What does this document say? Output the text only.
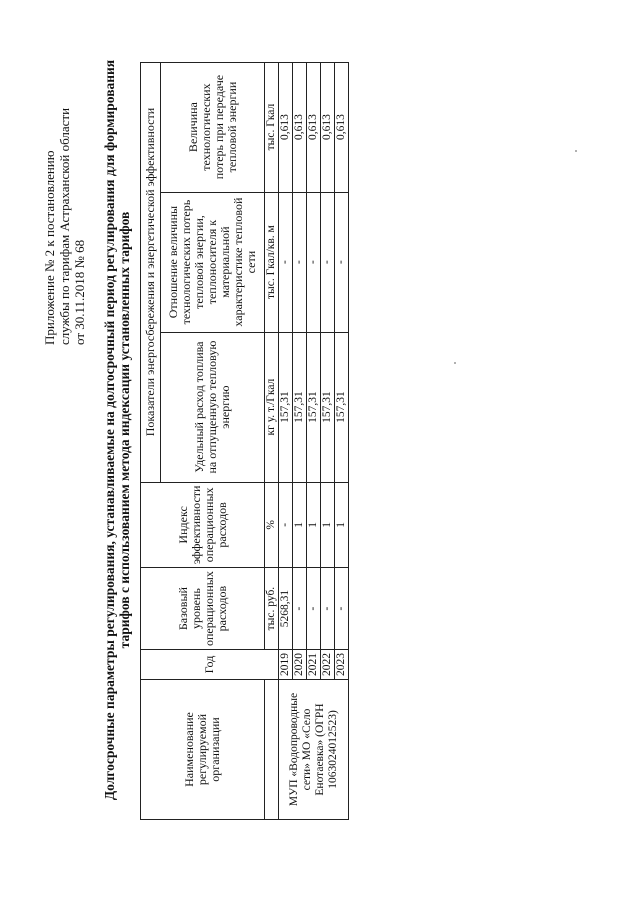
Приложение № 2 к постановлению службы по тарифам Астраханской области от 30.11.2018 № 68 Долгосрочные параметры регулирования, устанавливаемые на долгосрочный период регулирования для формирования тарифов с использованием метода индексации установленных тарифов
Наименование регулируемой организации	Год	Базовый уровень операционных расходов	Индекс эффективности операционных расходов	Показатели энергосбережения и энергетической эффективности		
				Удельный расход топлива на отпущенную тепловую энергию	Отношение величины технологических потерь тепловой энергии, теплоносителя к материальной характеристике тепловой сети	Величина технологических потерь при передаче тепловой энергии
		тыс. руб.	%	кг у. т./Гкал	тыс. Гкал/кв. м	тыс. Гкал
МУП «Водопроводные сети» МО «Село Енотаевка» (ОГРН 1063024012523)	2019	5268,31	-	157,31	-	0,613
	2020	-	1	157,31	-	0,613
	2021	-	1	157,31	-	0,613
	2022	-	1	157,31	-	0,613
	2023	-	1	157,31	-	0,613
